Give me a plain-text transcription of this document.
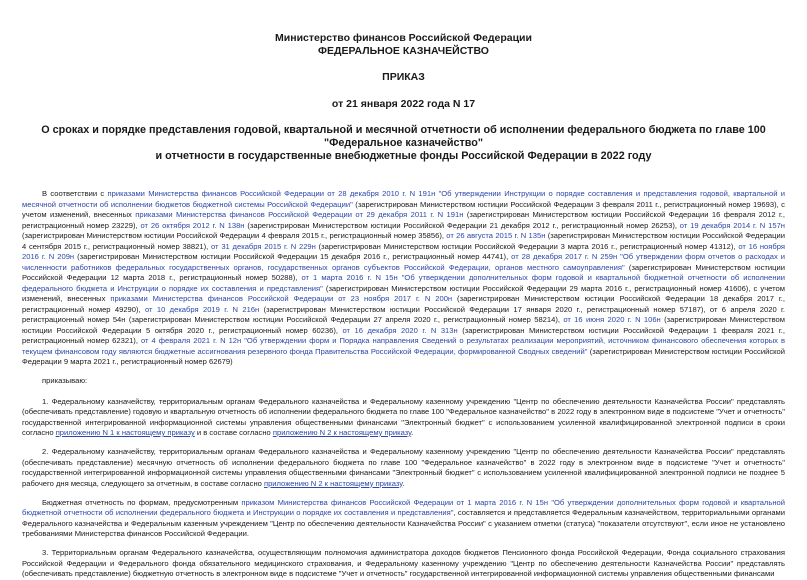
Министерство финансов Российской Федерации
ФЕДЕРАЛЬНОЕ КАЗНАЧЕЙСТВО
ПРИКАЗ
от 21 января 2022 года N 17
О сроках и порядке представления годовой, квартальной и месячной отчетности об исполнении федерального бюджета по главе 100 "Федеральное казначейство"
и отчетности в государственные внебюджетные фонды Российской Федерации в 2022 году

В соответствии с приказами Министерства финансов Российской Федерации от 28 декабря 2010 г. N 191н "Об утверждении Инструкции о порядке составления и представления годовой, квартальной и месячной отчетности об исполнении бюджетов бюджетной системы Российской Федерации" (зарегистрирован Министерством юстиции Российской Федерации 3 февраля 2011 г., регистрационный номер 19693), с учетом изменений, внесенных приказами Министерства финансов Российской Федерации от 29 декабря 2011 г. N 191н (зарегистрирован Министерством юстиции Российской Федерации 16 февраля 2012 г., регистрационный номер 23229), от 26 октября 2012 г. N 138н (зарегистрирован Министерством юстиции Российской Федерации 21 декабря 2012 г., регистрационный номер 26253), от 19 декабря 2014 г. N 157н (зарегистрирован Министерством юстиции Российской Федерации 4 февраля 2015 г., регистрационный номер 35856), от 26 августа 2015 г. N 135н (зарегистрирован Министерством юстиции Российской Федерации 4 сентября 2015 г., регистрационный номер 38821), от 31 декабря 2015 г. N 229н (зарегистрирован Министерством юстиции Российской Федерации 3 марта 2016 г., регистрационный номер 41312), от 16 ноября 2016 г. N 209н (зарегистрирован Министерством юстиции Российской Федерации 15 декабря 2016 г., регистрационный номер 44741), от 28 декабря 2017 г. N 259н "Об утверждении форм отчетов о расходах и численности работников федеральных государственных органов, государственных органов субъектов Российской Федерации, органов местного самоуправления" (зарегистрирован Министерством юстиции Российской Федерации 12 марта 2018 г., регистрационный номер 50288), от 1 марта 2016 г. N 15н "Об утверждении дополнительных форм годовой и квартальной бюджетной отчетности об исполнении федерального бюджета и Инструкции о порядке их составления и представления" (зарегистрирован Министерством юстиции Российской Федерации 29 марта 2016 г., регистрационный номер 41606), с учетом изменений, внесенных приказами Министерства финансов Российской Федерации от 23 ноября 2017 г. N 200н (зарегистрирован Министерством юстиции Российской Федерации 18 декабря 2017 г., регистрационный номер 49290), от 10 декабря 2019 г. N 216н (зарегистрирован Министерством юстиции Российской Федерации 17 января 2020 г., регистрационный номер 57187), от 6 апреля 2020 г. регистрационный номер 54н (зарегистрирован Министерством юстиции Российской Федерации 27 апреля 2020 г., регистрационный номер 58214), от 16 июня 2020 г. N 106н (зарегистрирован Министерством юстиции Российской Федерации 5 октября 2020 г., регистрационный номер 60236), от 16 декабря 2020 г. N 313н (зарегистрирован Министерством юстиции Российской Федерации 1 февраля 2021 г., регистрационный номер 62321), от 4 февраля 2021 г. N 12н "Об утверждении форм и Порядка направления Сведений о результатах реализации мероприятий, источником финансового обеспечения которых в текущем финансовом году являются бюджетные ассигнования резервного фонда Правительства Российской Федерации, формированной Сводных сведений" (зарегистрирован Министерством юстиции Российской Федерации 9 марта 2021 г., регистрационный номер 62679)

приказываю:

1. Федеральному казначейству, территориальным органам Федерального казначейства и Федеральному казенному учреждению "Центр по обеспечению деятельности Казначейства России" представлять (обеспечивать представление) годовую и квартальную отчетность об исполнении федерального бюджета по главе 100 "Федеральное казначейство" в 2022 году в электронном виде в подсистеме "Учет и отчетность" государственной интегрированной информационной системы управления общественными финансами "Электронный бюджет" с использованием усиленной квалифицированной электронной подписи в сроки согласно приложению N 1 к настоящему приказу и в составе согласно приложению N 2 к настоящему приказу.

2. Федеральному казначейству, территориальным органам Федерального казначейства и Федеральному казенному учреждению "Центр по обеспечению деятельности Казначейства России" представлять (обеспечивать представление) месячную отчетность об исполнении федерального бюджета по главе 100 "Федеральное казначейство" в 2022 году в электронном виде в подсистеме "Учет и отчетность" государственной интегрированной информационной системы управления общественными финансами "Электронный бюджет" с использованием усиленной квалифицированной электронной подписи не позднее 5 рабочего дня месяца, следующего за отчетным, в составе согласно приложению N 2 к настоящему приказу.

Бюджетная отчетность по формам, предусмотренным приказом Министерства финансов Российской Федерации от 1 марта 2016 г. N 15н "Об утверждении дополнительных форм годовой и квартальной бюджетной отчетности об исполнении федерального бюджета и Инструкции о порядке их составления и представления", составляется и представляется Федеральным казначейством, территориальными органами Федерального казначейства и Федеральным казенным учреждением "Центр по обеспечению деятельности Казначейства России" с указанием отметки (статуса) "показатели отсутствуют", если иное не установлено требованиями Министерства финансов Российской Федерации.

3. Территориальным органам Федерального казначейства, осуществляющим полномочия администратора доходов бюджетов Пенсионного фонда Российской Федерации, Фонда социального страхования Российской Федерации и Федерального фонда обязательного медицинского страхования, и Федеральному казенному учреждению "Центр по обеспечению деятельности Казначейства России" представлять (обеспечивать представление) бюджетную отчетность в электронном виде в подсистеме "Учет и отчетность" государственной интегрированной информационной системы управления общественными финансами
